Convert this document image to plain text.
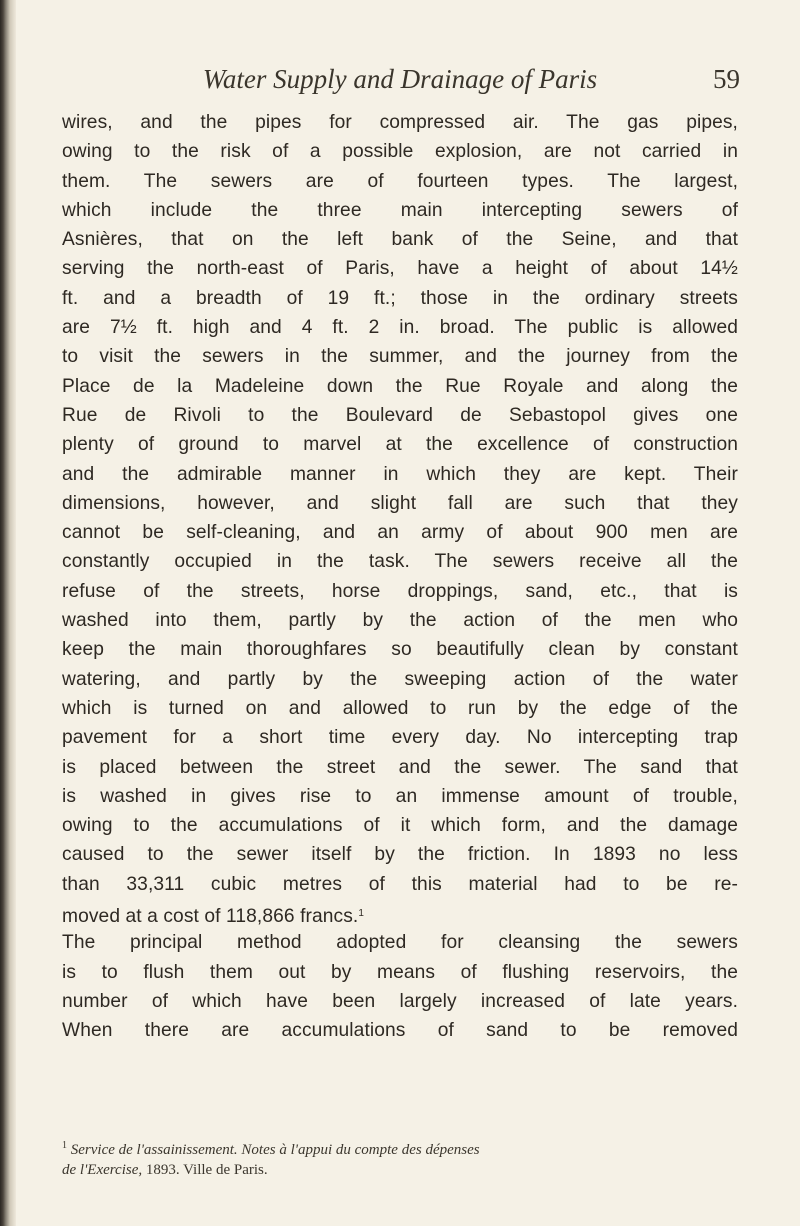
Water Supply and Drainage of Paris	59
wires, and the pipes for compressed air. The gas pipes,
owing to the risk of a possible explosion, are not carried in
them. The sewers are of fourteen types. The largest,
which include the three main intercepting sewers of
Asnières, that on the left bank of the Seine, and that
serving the north-east of Paris, have a height of about 14½
ft. and a breadth of 19 ft.; those in the ordinary streets
are 7½ ft. high and 4 ft. 2 in. broad. The public is allowed
to visit the sewers in the summer, and the journey from the
Place de la Madeleine down the Rue Royale and along the
Rue de Rivoli to the Boulevard de Sebastopol gives one
plenty of ground to marvel at the excellence of construction
and the admirable manner in which they are kept. Their
dimensions, however, and slight fall are such that they
cannot be self-cleaning, and an army of about 900 men are
constantly occupied in the task. The sewers receive all the
refuse of the streets, horse droppings, sand, etc., that is
washed into them, partly by the action of the men who
keep the main thoroughfares so beautifully clean by constant
watering, and partly by the sweeping action of the water
which is turned on and allowed to run by the edge of the
pavement for a short time every day. No intercepting trap
is placed between the street and the sewer. The sand that
is washed in gives rise to an immense amount of trouble,
owing to the accumulations of it which form, and the damage
caused to the sewer itself by the friction. In 1893 no less
than 33,311 cubic metres of this material had to be re-
moved at a cost of 118,866 francs.$^1$
The principal method adopted for cleansing the sewers
is to flush them out by means of flushing reservoirs, the
number of which have been largely increased of late years.
When there are accumulations of sand to be removed
$^1$ Service de l'assainissement. Notes à l'appui du compte des dépenses
de l'Exercise, 1893. Ville de Paris.
